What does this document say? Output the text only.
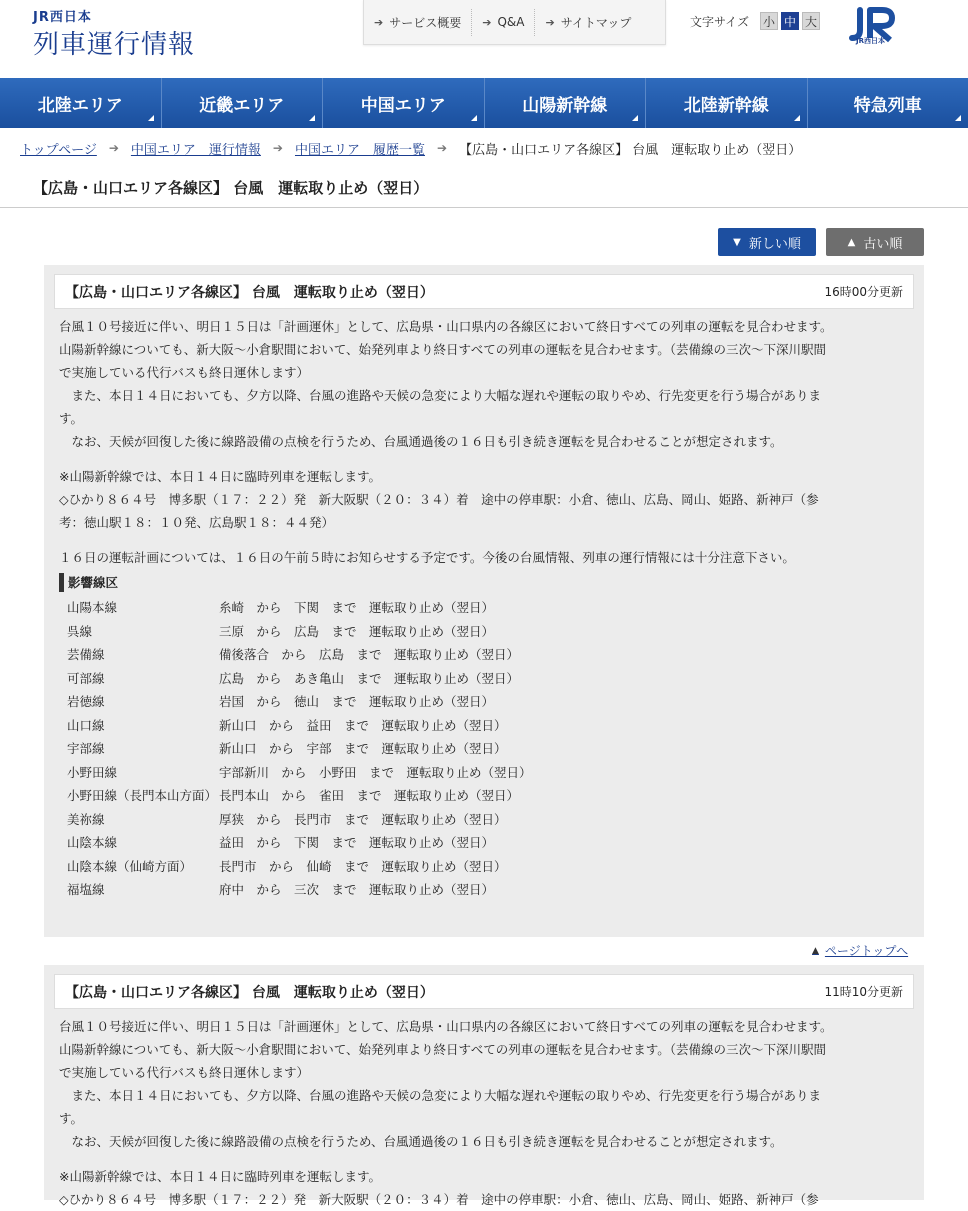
JR西日本
列車運行情報
➔ サービス概要 ➔ Q&A ➔ サイトマップ	文字サイズ 小 中 大
JR西日本
北陸エリア	近畿エリア	中国エリア	山陽新幹線	北陸新幹線	特急列車
トップページ ➔ 中国エリア　運行情報 ➔ 中国エリア　履歴一覧 ➔ 【広島・山口エリア各線区】 台風　運転取り止め（翌日）
【広島・山口エリア各線区】 台風　運転取り止め（翌日）
▼ 新しい順	▲ 古い順
【広島・山口エリア各線区】 台風　運転取り止め（翌日）	16時00分更新

台風１０号接近に伴い、明日１５日は「計画運休」として、広島県・山口県内の各線区において終日すべての列車の運転を見合わせます。

山陽新幹線についても、新大阪〜小倉駅間において、始発列車より終日すべての列車の運転を見合わせます。（芸備線の三次〜下深川駅間

で実施している代行バスも終日運休します）

　また、本日１４日においても、夕方以降、台風の進路や天候の急変により大幅な遅れや運転の取りやめ、行先変更を行う場合がありま

す。

　なお、天候が回復した後に線路設備の点検を行うため、台風通過後の１６日も引き続き運転を見合わせることが想定されます。

※山陽新幹線では、本日１４日に臨時列車を運転します。

◇ひかり８６４号　博多駅（１７：２２）発　新大阪駅（２０：３４）着　途中の停車駅：小倉、徳山、広島、岡山、姫路、新神戸（参

考：徳山駅１８：１０発、広島駅１８：４４発）

１６日の運転計画については、１６日の午前５時にお知らせする予定です。今後の台風情報、列車の運行情報には十分注意下さい。

影響線区
山陽本線	糸崎　から　下関　まで　運転取り止め（翌日）
呉線	三原　から　広島　まで　運転取り止め（翌日）
芸備線	備後落合　から　広島　まで　運転取り止め（翌日）
可部線	広島　から　あき亀山　まで　運転取り止め（翌日）
岩徳線	岩国　から　徳山　まで　運転取り止め（翌日）
山口線	新山口　から　益田　まで　運転取り止め（翌日）
宇部線	新山口　から　宇部　まで　運転取り止め（翌日）
小野田線	宇部新川　から　小野田　まで　運転取り止め（翌日）
小野田線（長門本山方面） 長門本山　から　雀田　まで　運転取り止め（翌日）
美祢線	厚狭　から　長門市　まで　運転取り止め（翌日）
山陰本線	益田　から　下関　まで　運転取り止め（翌日）
山陰本線（仙崎方面）	長門市　から　仙崎　まで　運転取り止め（翌日）
福塩線	府中　から　三次　まで　運転取り止め（翌日）
▲ ページトップへ
【広島・山口エリア各線区】 台風　運転取り止め（翌日）	11時10分更新

台風１０号接近に伴い、明日１５日は「計画運休」として、広島県・山口県内の各線区において終日すべての列車の運転を見合わせます。

山陽新幹線についても、新大阪〜小倉駅間において、始発列車より終日すべての列車の運転を見合わせます。（芸備線の三次〜下深川駅間

で実施している代行バスも終日運休します）

　また、本日１４日においても、夕方以降、台風の進路や天候の急変により大幅な遅れや運転の取りやめ、行先変更を行う場合がありま

す。

　なお、天候が回復した後に線路設備の点検を行うため、台風通過後の１６日も引き続き運転を見合わせることが想定されます。

※山陽新幹線では、本日１４日に臨時列車を運転します。

◇ひかり８６４号　博多駅（１７：２２）発　新大阪駅（２０：３４）着　途中の停車駅：小倉、徳山、広島、岡山、姫路、新神戸（参
